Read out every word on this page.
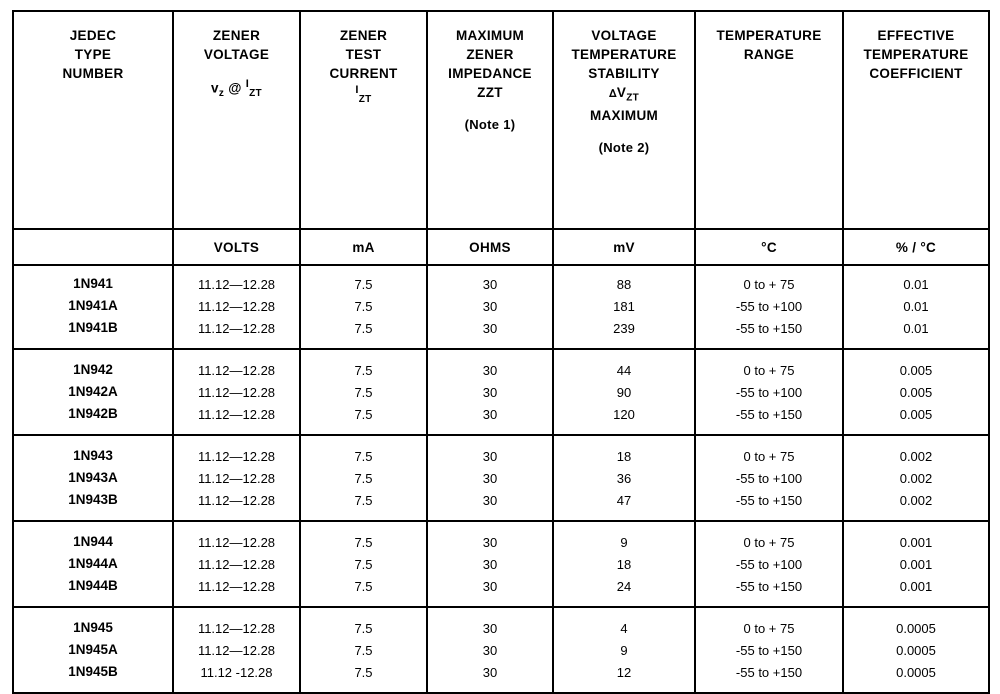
JEDEC
TYPE
NUMBER

ZENER
VOLTAGE
$v_z$ @ $^I_{ZT}$

ZENER
TEST
CURRENT
$^I_{ZT}$

MAXIMUM
ZENER
IMPEDANCE
ZZT
(Note 1)

VOLTAGE
TEMPERATURE
STABILITY
$\Delta V_{ZT}$
MAXIMUM
(Note 2)

TEMPERATURE
RANGE

EFFECTIVE
TEMPERATURE
COEFFICIENT

	VOLTS	mA	OHMS	mV	°C	% / °C
1N941	11.12—12.28	7.5	30	88	0 to + 75	0.01
1N941A	11.12—12.28	7.5	30	181	-55 to +100	0.01
1N941B	11.12—12.28	7.5	30	239	-55 to +150	0.01
1N942	11.12—12.28	7.5	30	44	0 to + 75	0.005
1N942A	11.12—12.28	7.5	30	90	-55 to +100	0.005
1N942B	11.12—12.28	7.5	30	120	-55 to +150	0.005
1N943	11.12—12.28	7.5	30	18	0 to + 75	0.002
1N943A	11.12—12.28	7.5	30	36	-55 to +100	0.002
1N943B	11.12—12.28	7.5	30	47	-55 to +150	0.002
1N944	11.12—12.28	7.5	30	9	0 to + 75	0.001
1N944A	11.12—12.28	7.5	30	18	-55 to +100	0.001
1N944B	11.12—12.28	7.5	30	24	-55 to +150	0.001
1N945	11.12—12.28	7.5	30	4	0 to + 75	0.0005
1N945A	11.12—12.28	7.5	30	9	-55 to +150	0.0005
1N945B	11.12 -12.28	7.5	30	12	-55 to +150	0.0005
